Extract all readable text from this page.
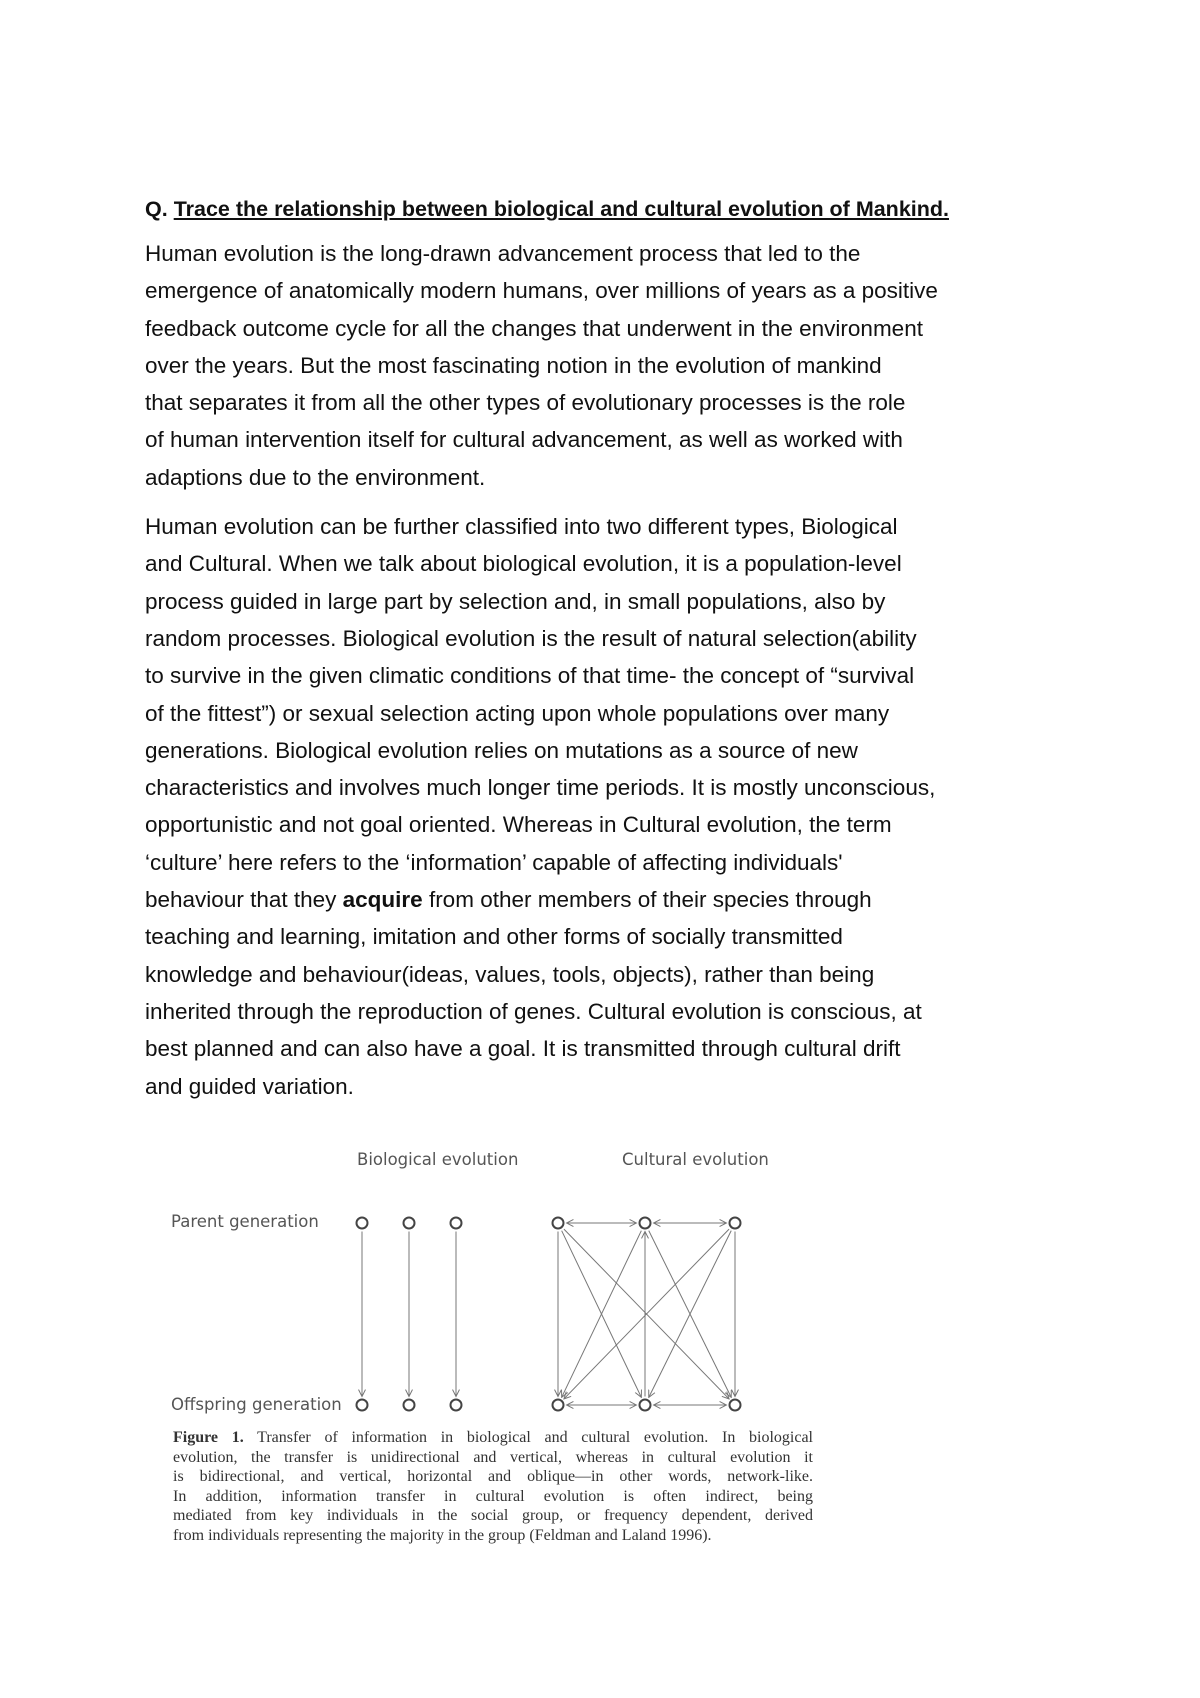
Q. Trace the relationship between biological and cultural evolution of Mankind.
Human evolution is the long-drawn advancement process that led to the
emergence of anatomically modern humans, over millions of years as a positive
feedback outcome cycle for all the changes that underwent in the environment
over the years. But the most fascinating notion in the evolution of mankind
that separates it from all the other types of evolutionary processes is the role
of human intervention itself for cultural advancement, as well as worked with
adaptions due to the environment.
Human evolution can be further classified into two different types, Biological
and Cultural. When we talk about biological evolution, it is a population-level
process guided in large part by selection and, in small populations, also by
random processes. Biological evolution is the result of natural selection(ability
to survive in the given climatic conditions of that time- the concept of “survival
of the fittest”) or sexual selection acting upon whole populations over many
generations. Biological evolution relies on mutations as a source of new
characteristics and involves much longer time periods. It is mostly unconscious,
opportunistic and not goal oriented. Whereas in Cultural evolution, the term
‘culture’ here refers to the ‘information’ capable of affecting individuals'
behaviour that they acquire from other members of their species through
teaching and learning, imitation and other forms of socially transmitted
knowledge and behaviour(ideas, values, tools, objects), rather than being
inherited through the reproduction of genes. Cultural evolution is conscious, at
best planned and can also have a goal. It is transmitted through cultural drift
and guided variation.
Biological evolution	Cultural evolution
Parent generation
Offspring generation
Figure 1. Transfer of information in biological and cultural evolution. In biological
evolution, the transfer is unidirectional and vertical, whereas in cultural evolution it
is bidirectional, and vertical, horizontal and oblique—in other words, network-like.
In addition, information transfer in cultural evolution is often indirect, being
mediated from key individuals in the social group, or frequency dependent, derived
from individuals representing the majority in the group (Feldman and Laland 1996).
